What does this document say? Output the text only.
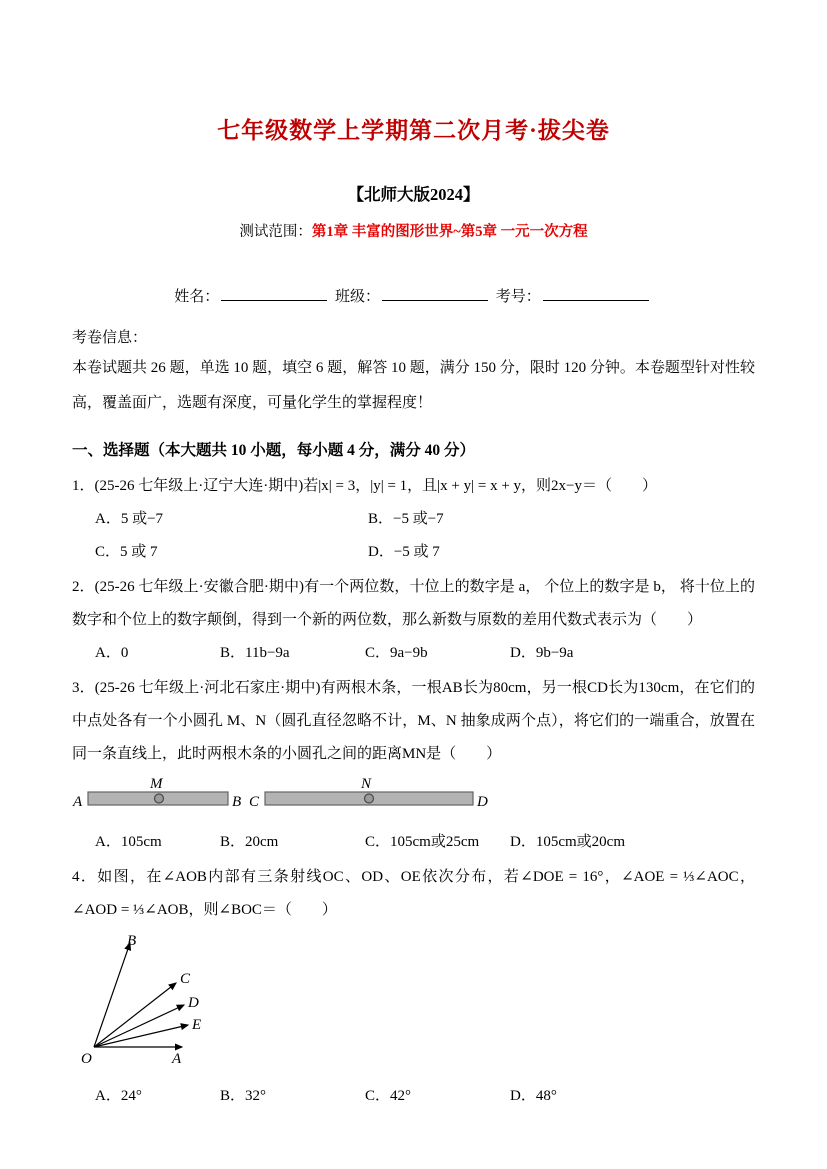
七年级数学上学期第二次月考·拔尖卷
【北师大版2024】
测试范围：第1章 丰富的图形世界~第5章 一元一次方程
姓名：	班级：	考号：
考卷信息：
本卷试题共 26 题，单选 10 题，填空 6 题，解答 10 题，满分 150 分，限时 120 分钟。本卷题型针对性较高，覆盖面广，选题有深度，可量化学生的掌握程度！
一、选择题（本大题共 10 小题，每小题 4 分，满分 40 分）

1．(25-26 七年级上·辽宁大连·期中)若|x| = 3，|y| = 1，且|x + y| = x + y，则2x−y＝（　　）

A．5 或−7	B．−5 或−7
C．5 或 7	D．−5 或 7

2．(25-26 七年级上·安徽合肥·期中)有一个两位数，十位上的数字是 a， 个位上的数字是 b， 将十位上的数字和个位上的数字颠倒，得到一个新的两位数，那么新数与原数的差用代数式表示为（　　）

A．0	B．11b−9a	C．9a−9b	D．9b−9a

3．(25-26 七年级上·河北石家庄·期中)有两根木条，一根AB长为80cm，另一根CD长为130cm，在它们的中点处各有一个小圆孔 M、N（圆孔直径忽略不计，M、N 抽象成两个点），将它们的一端重合，放置在同一条直线上，此时两根木条的小圆孔之间的距离MN是（　　）

A
M
B C
N
D
A．105cm	B．20cm	C．105cm或25cm	D．105cm或20cm

4．如图，在∠AOB内部有三条射线OC、OD、OE依次分布，若∠DOE = 16°，∠AOE = ⅓∠AOC，∠AOD = ⅓∠AOB，则∠BOC＝（　　）

B
C
D
E
A
O
A．24°	B．32°	C．42°	D．48°
